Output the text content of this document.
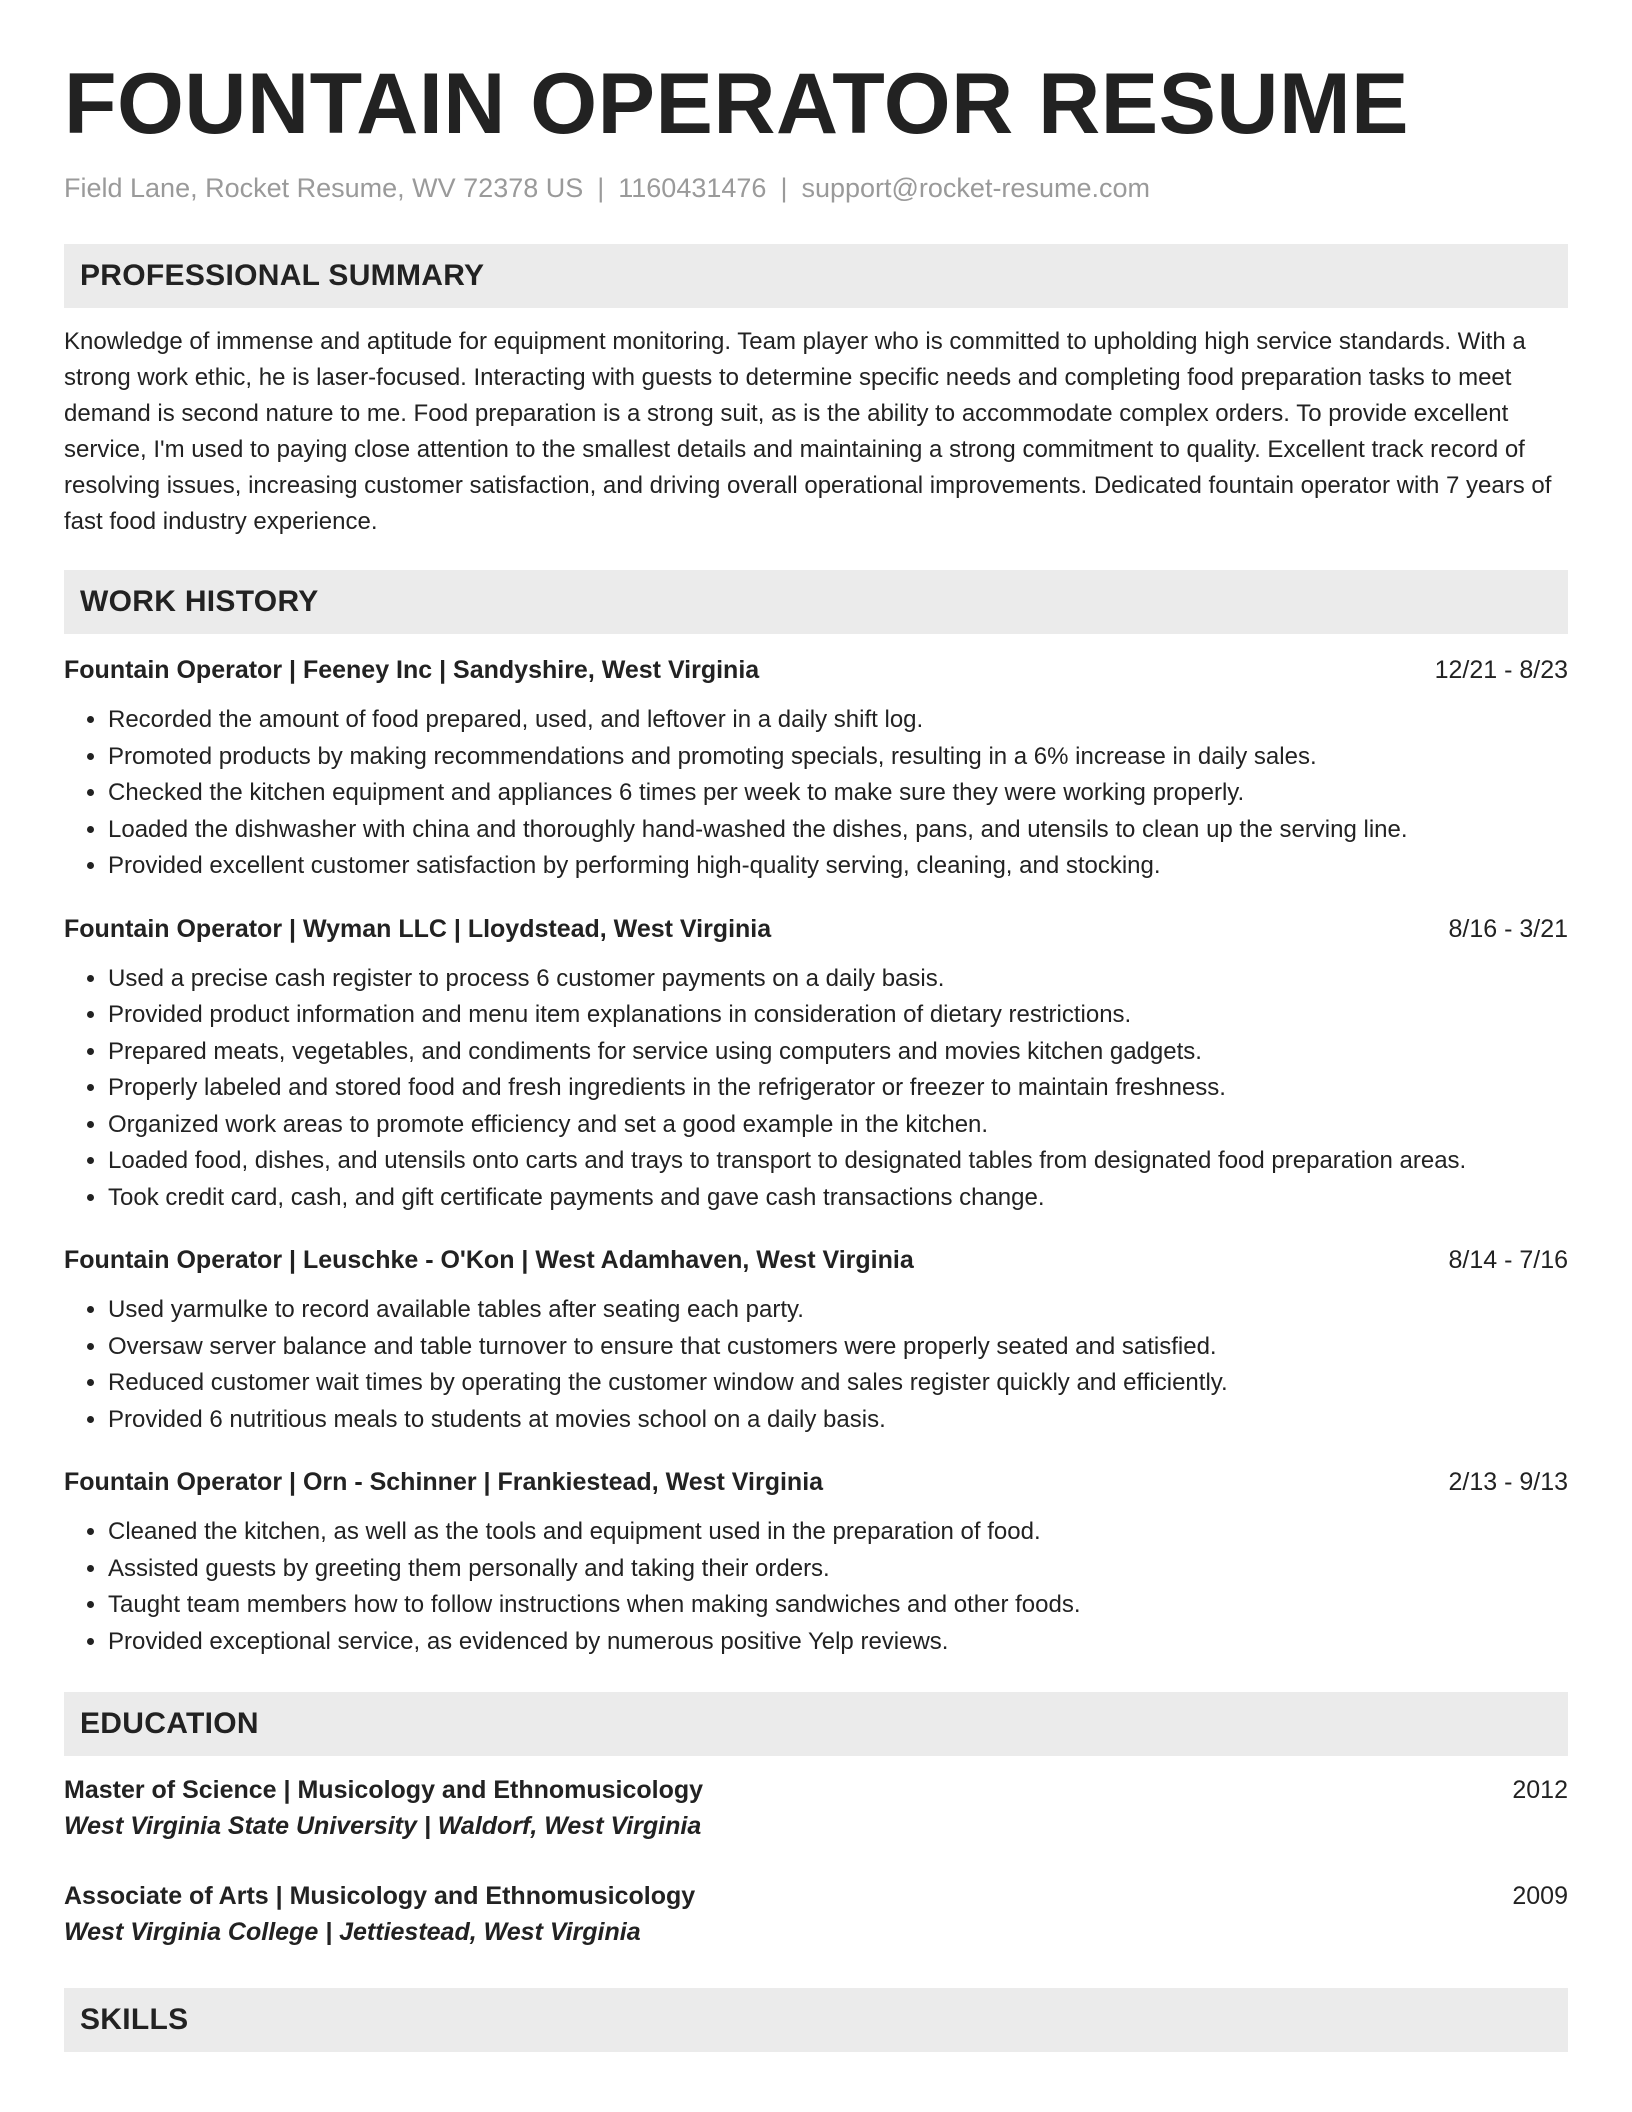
FOUNTAIN OPERATOR RESUME
Field Lane, Rocket Resume, WV 72378 US | 1160431476 | support@rocket-resume.com
PROFESSIONAL SUMMARY
Knowledge of immense and aptitude for equipment monitoring. Team player who is committed to upholding high service standards. With a strong work ethic, he is laser-focused. Interacting with guests to determine specific needs and completing food preparation tasks to meet demand is second nature to me. Food preparation is a strong suit, as is the ability to accommodate complex orders. To provide excellent service, I'm used to paying close attention to the smallest details and maintaining a strong commitment to quality. Excellent track record of resolving issues, increasing customer satisfaction, and driving overall operational improvements. Dedicated fountain operator with 7 years of fast food industry experience.
WORK HISTORY
Fountain Operator | Feeney Inc | Sandyshire, West Virginia	12/21 - 8/23
• Recorded the amount of food prepared, used, and leftover in a daily shift log.
• Promoted products by making recommendations and promoting specials, resulting in a 6% increase in daily sales.
• Checked the kitchen equipment and appliances 6 times per week to make sure they were working properly.
• Loaded the dishwasher with china and thoroughly hand-washed the dishes, pans, and utensils to clean up the serving line.
• Provided excellent customer satisfaction by performing high-quality serving, cleaning, and stocking.
Fountain Operator | Wyman LLC | Lloydstead, West Virginia	8/16 - 3/21
• Used a precise cash register to process 6 customer payments on a daily basis.
• Provided product information and menu item explanations in consideration of dietary restrictions.
• Prepared meats, vegetables, and condiments for service using computers and movies kitchen gadgets.
• Properly labeled and stored food and fresh ingredients in the refrigerator or freezer to maintain freshness.
• Organized work areas to promote efficiency and set a good example in the kitchen.
• Loaded food, dishes, and utensils onto carts and trays to transport to designated tables from designated food preparation areas.
• Took credit card, cash, and gift certificate payments and gave cash transactions change.
Fountain Operator | Leuschke - O'Kon | West Adamhaven, West Virginia	8/14 - 7/16
• Used yarmulke to record available tables after seating each party.
• Oversaw server balance and table turnover to ensure that customers were properly seated and satisfied.
• Reduced customer wait times by operating the customer window and sales register quickly and efficiently.
• Provided 6 nutritious meals to students at movies school on a daily basis.
Fountain Operator | Orn - Schinner | Frankiestead, West Virginia	2/13 - 9/13
• Cleaned the kitchen, as well as the tools and equipment used in the preparation of food.
• Assisted guests by greeting them personally and taking their orders.
• Taught team members how to follow instructions when making sandwiches and other foods.
• Provided exceptional service, as evidenced by numerous positive Yelp reviews.
EDUCATION
Master of Science | Musicology and Ethnomusicology	2012
West Virginia State University | Waldorf, West Virginia
Associate of Arts | Musicology and Ethnomusicology	2009
West Virginia College | Jettiestead, West Virginia
SKILLS
